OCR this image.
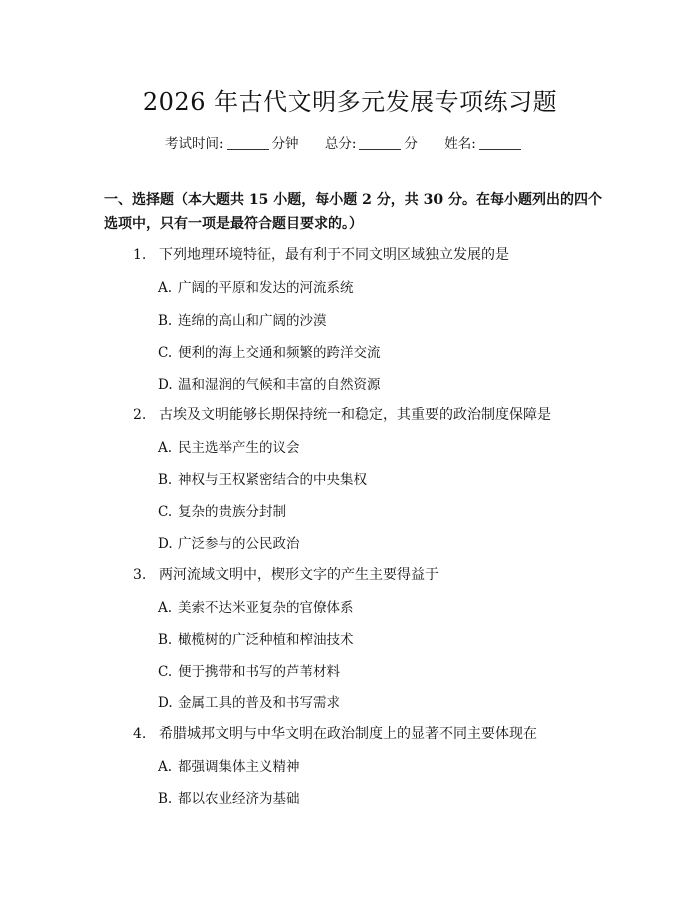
2026 年古代文明多元发展专项练习题
考试时间:	分钟 总分:	分 姓名:
一、选择题（本大题共 15 小题，每小题 2 分，共 30 分。在每小题列出的四个选项中，只有一项是最符合题目要求的。）
1. 下列地理环境特征，最有利于不同文明区域独立发展的是
A. 广阔的平原和发达的河流系统
B. 连绵的高山和广阔的沙漠
C. 便利的海上交通和频繁的跨洋交流
D. 温和湿润的气候和丰富的自然资源
2. 古埃及文明能够长期保持统一和稳定，其重要的政治制度保障是
A. 民主选举产生的议会
B. 神权与王权紧密结合的中央集权
C. 复杂的贵族分封制
D. 广泛参与的公民政治
3. 两河流域文明中，楔形文字的产生主要得益于
A. 美索不达米亚复杂的官僚体系
B. 橄榄树的广泛种植和榨油技术
C. 便于携带和书写的芦苇材料
D. 金属工具的普及和书写需求
4. 希腊城邦文明与中华文明在政治制度上的显著不同主要体现在
A. 都强调集体主义精神
B. 都以农业经济为基础
